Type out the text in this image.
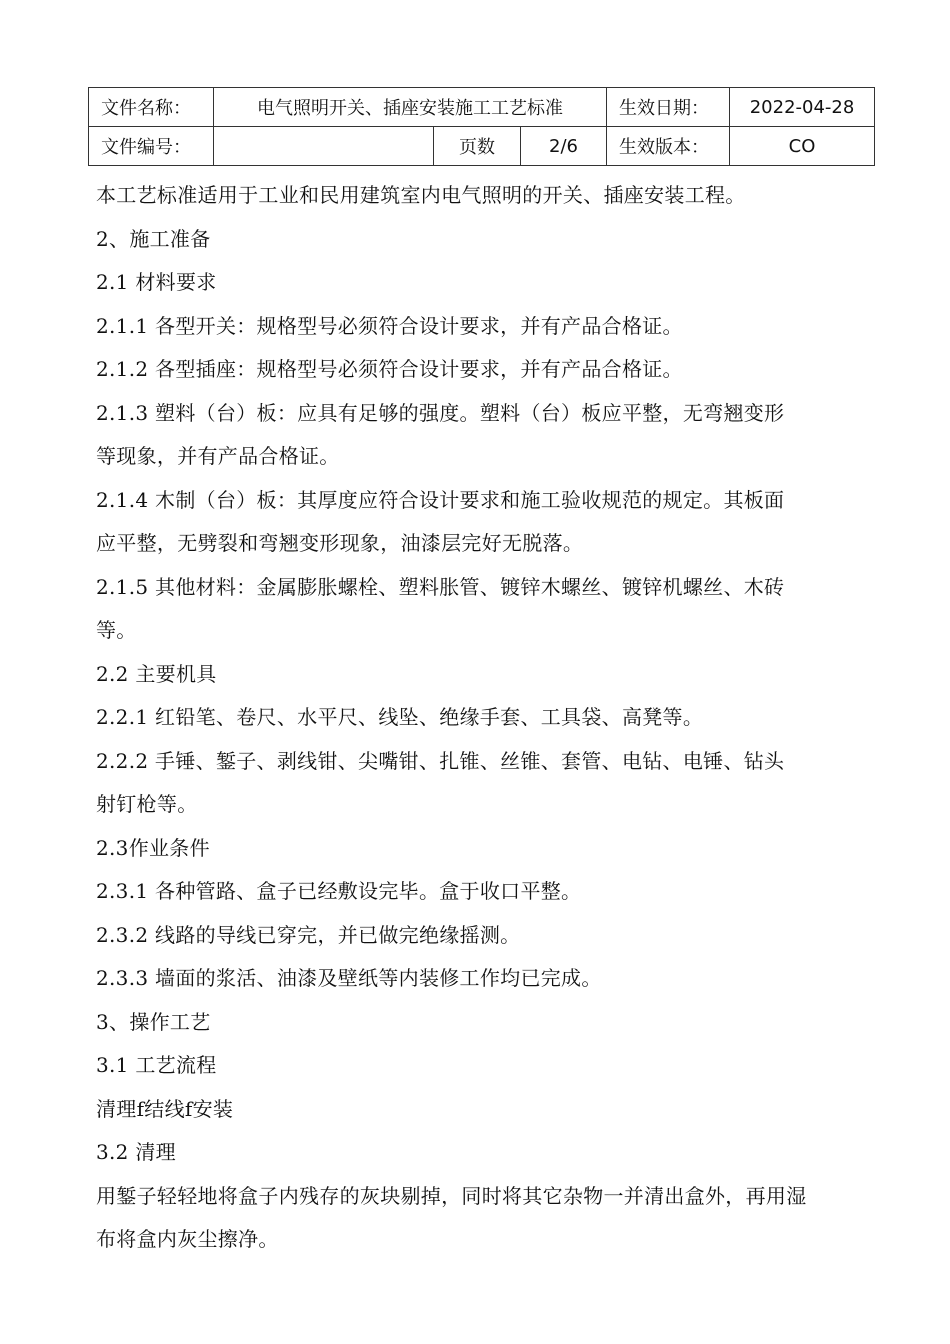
文件名称：	电气照明开关、插座安装施工工艺标准			生效日期：	2022-04-28
文件编号：		页数	2/6	生效版本：	CO

本工艺标准适用于工业和民用建筑室内电气照明的开关、插座安装工程。

2、施工准备

2.1 材料要求

2.1.1 各型开关：规格型号必须符合设计要求，并有产品合格证。

2.1.2 各型插座：规格型号必须符合设计要求，并有产品合格证。

2.1.3 塑料（台）板：应具有足够的强度。塑料（台）板应平整，无弯翘变形

等现象，并有产品合格证。

2.1.4 木制（台）板：其厚度应符合设计要求和施工验收规范的规定。其板面

应平整，无劈裂和弯翘变形现象，油漆层完好无脱落。

2.1.5 其他材料：金属膨胀螺栓、塑料胀管、镀锌木螺丝、镀锌机螺丝、木砖

等。

2.2 主要机具

2.2.1 红铅笔、卷尺、水平尺、线坠、绝缘手套、工具袋、高凳等。

2.2.2 手锤、錾子、剥线钳、尖嘴钳、扎锥、丝锥、套管、电钻、电锤、钻头

射钉枪等。

2.3作业条件

2.3.1 各种管路、盒子已经敷设完毕。盒于收口平整。

2.3.2 线路的导线已穿完，并已做完绝缘摇测。

2.3.3 墙面的浆活、油漆及壁纸等内装修工作均已完成。

3、操作工艺

3.1 工艺流程

清理f结线f安装

3.2 清理

用錾子轻轻地将盒子内残存的灰块剔掉，同时将其它杂物一并清出盒外，再用湿

布将盒内灰尘擦净。
